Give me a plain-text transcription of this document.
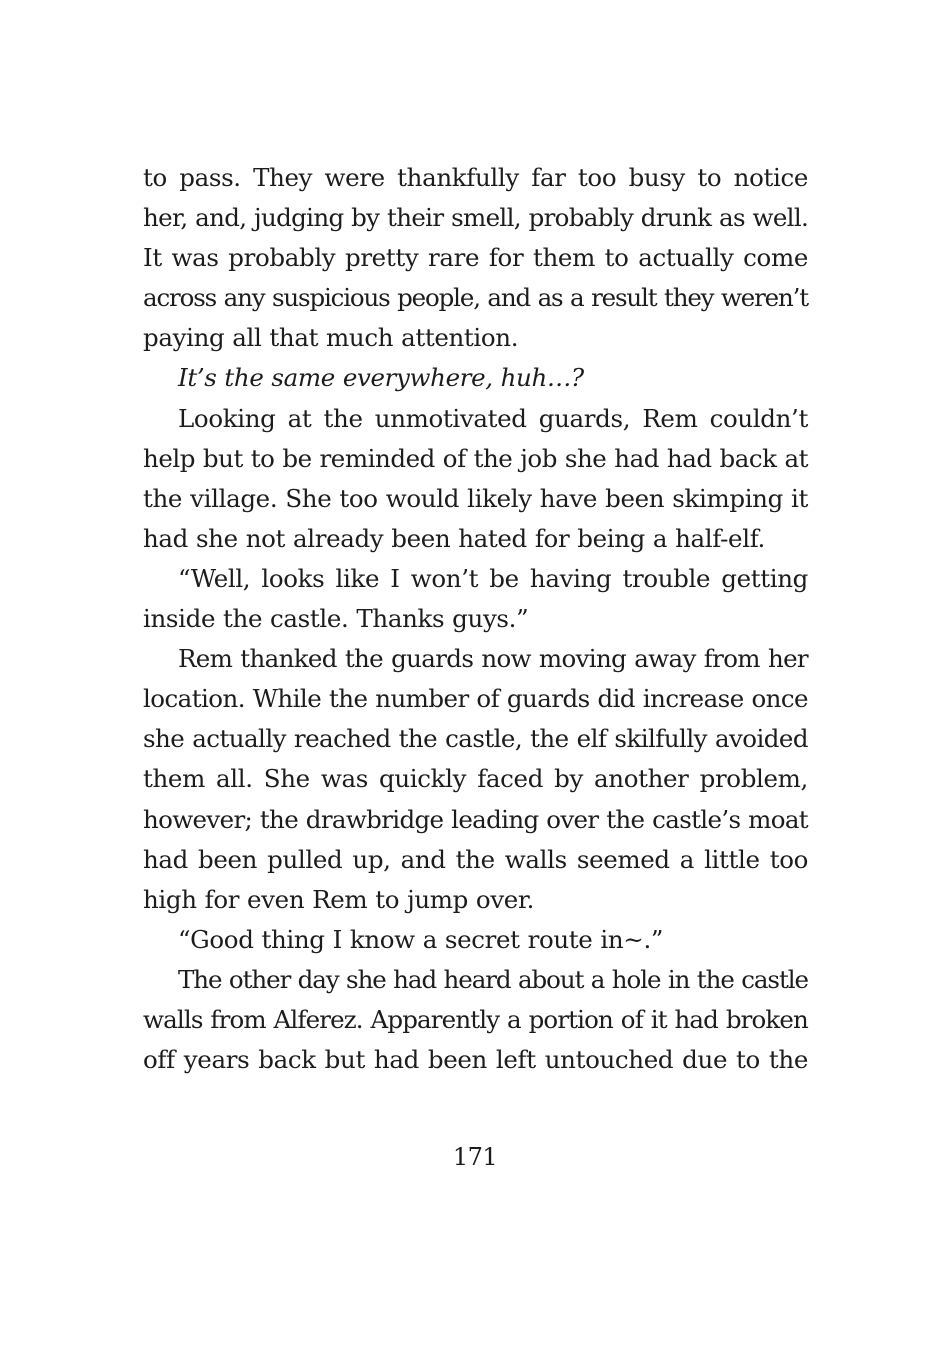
to pass. They were thankfully far too busy to notice
her, and, judging by their smell, probably drunk as well.
It was probably pretty rare for them to actually come
across any suspicious people, and as a result they weren’t
paying all that much attention.
It’s the same everywhere, huh…?
Looking at the unmotivated guards, Rem couldn’t
help but to be reminded of the job she had had back at
the village. She too would likely have been skimping it
had she not already been hated for being a half-elf.
“Well, looks like I won’t be having trouble getting
inside the castle. Thanks guys.”
Rem thanked the guards now moving away from her
location. While the number of guards did increase once
she actually reached the castle, the elf skilfully avoided
them all. She was quickly faced by another problem,
however; the drawbridge leading over the castle’s moat
had been pulled up, and the walls seemed a little too
high for even Rem to jump over.
“Good thing I know a secret route in~.”
The other day she had heard about a hole in the castle
walls from Alferez. Apparently a portion of it had broken
off years back but had been left untouched due to the
171
